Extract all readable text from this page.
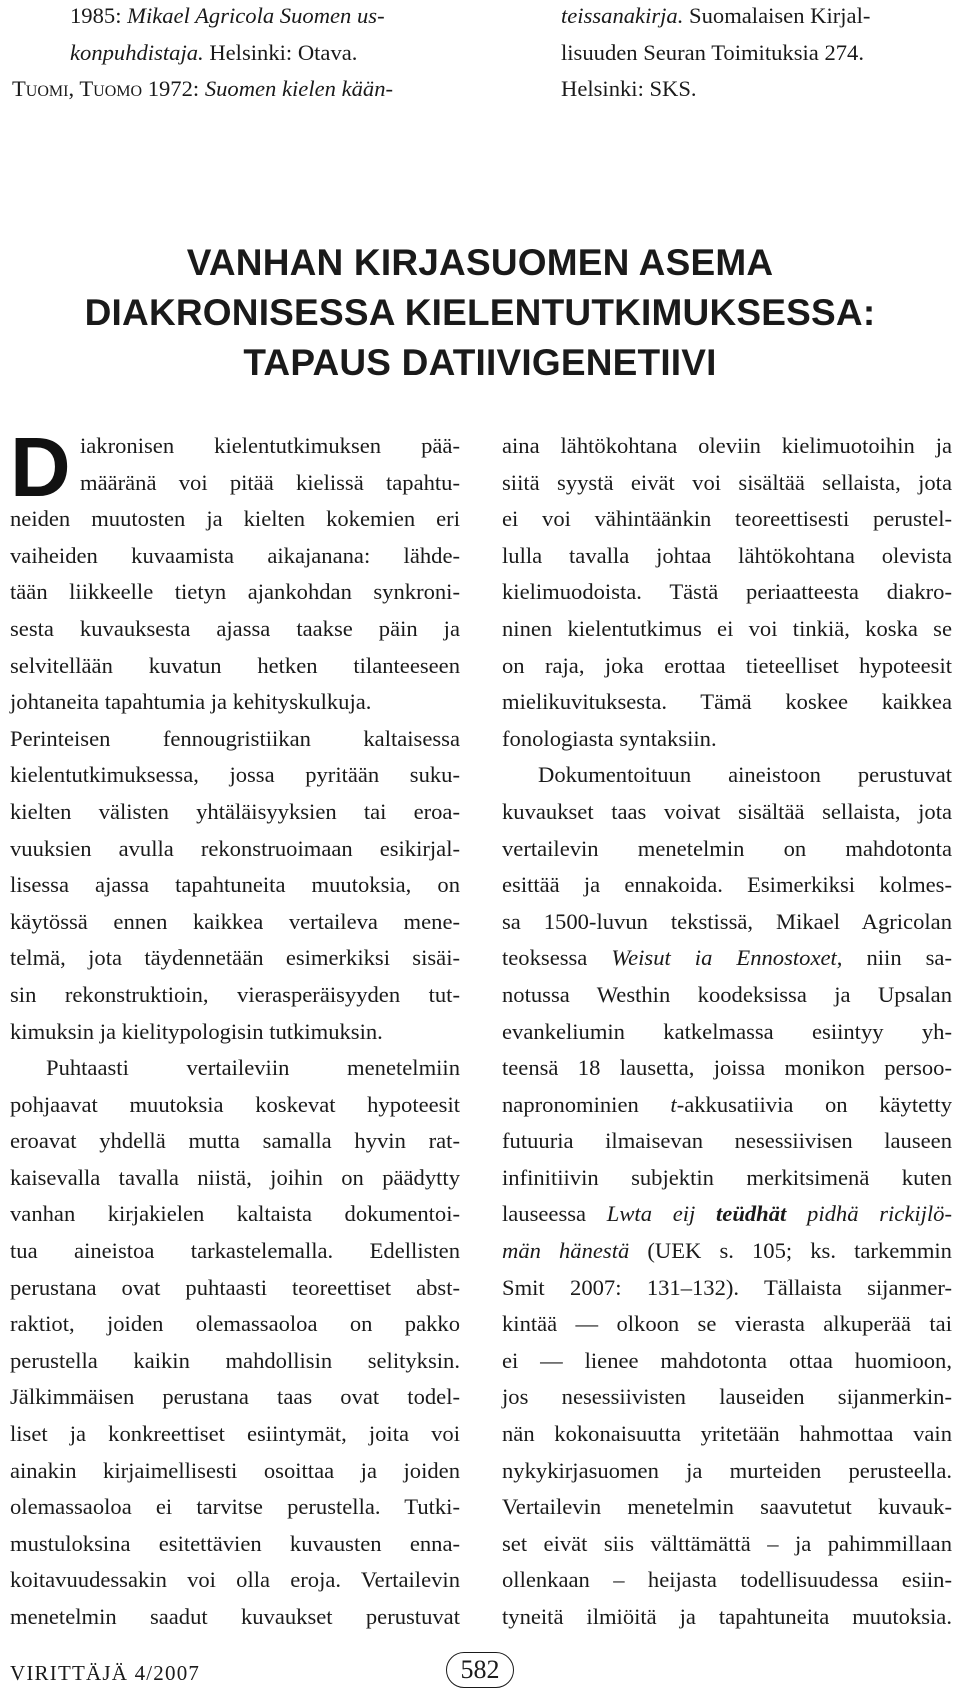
1985: Mikael Agricola Suomen us-
konpuhdistaja. Helsinki: Otava.
Tuomi, Tuomo 1972: Suomen kielen kään-
teissanakirja. Suomalaisen Kirjal-
lisuuden Seuran Toimituksia 274.
Helsinki: SKS.
VANHAN KIRJASUOMEN ASEMA
DIAKRONISESSA KIELENTUTKIMUKSESSA:
TAPAUS DATIIVIGENETIIVI
D iakronisen kielentutkimuksen pää-
määränä voi pitää kielissä tapahtu-
neiden muutosten ja kielten kokemien eri
vaiheiden kuvaamista aikajanana: lähde-
tään liikkeelle tietyn ajankohdan synkroni-
sesta kuvauksesta ajassa taakse päin ja
selvitellään kuvatun hetken tilanteeseen
johtaneita tapahtumia ja kehityskulkuja.
Perinteisen fennougristiikan kaltaisessa
kielentutkimuksessa, jossa pyritään suku-
kielten välisten yhtäläisyyksien tai eroa-
vuuksien avulla rekonstruoimaan esikirjal-
lisessa ajassa tapahtuneita muutoksia, on
käytössä ennen kaikkea vertaileva mene-
telmä, jota täydennetään esimerkiksi sisäi-
sin rekonstruktioin, vierasperäisyyden tut-
kimuksin ja kielitypologisin tutkimuksin.
Puhtaasti vertaileviin menetelmiin
pohjaavat muutoksia koskevat hypoteesit
eroavat yhdellä mutta samalla hyvin rat-
kaisevalla tavalla niistä, joihin on päädytty
vanhan kirjakielen kaltaista dokumentoi-
tua aineistoa tarkastelemalla. Edellisten
perustana ovat puhtaasti teoreettiset abst-
raktiot, joiden olemassaoloa on pakko
perustella kaikin mahdollisin selityksin.
Jälkimmäisen perustana taas ovat todel-
liset ja konkreettiset esiintymät, joita voi
ainakin kirjaimellisesti osoittaa ja joiden
olemassaoloa ei tarvitse perustella. Tutki-
mustuloksina esitettävien kuvausten enna-
koitavuudessakin voi olla eroja. Vertailevin
menetelmin saadut kuvaukset perustuvat
aina lähtökohtana oleviin kielimuotoihin ja
siitä syystä eivät voi sisältää sellaista, jota
ei voi vähintäänkin teoreettisesti perustel-
lulla tavalla johtaa lähtökohtana olevista
kielimuodoista. Tästä periaatteesta diakro-
ninen kielentutkimus ei voi tinkiä, koska se
on raja, joka erottaa tieteelliset hypoteesit
mielikuvituksesta. Tämä koskee kaikkea
fonologiasta syntaksiin.
Dokumentoituun aineistoon perustuvat
kuvaukset taas voivat sisältää sellaista, jota
vertailevin menetelmin on mahdotonta
esittää ja ennakoida. Esimerkiksi kolmes-
sa 1500-luvun tekstissä, Mikael Agricolan
teoksessa Weisut ia Ennostoxet, niin sa-
notussa Westhin koodeksissa ja Upsalan
evankeliumin katkelmassa esiintyy yh-
teensä 18 lausetta, joissa monikon persoo-
napronominien t-akkusatiivia on käytetty
futuuria ilmaisevan nesessiivisen lauseen
infinitiivin subjektin merkitsimenä kuten
lauseessa Lwta eij teüdhät pidhä rickijlö-
män hänestä (UEK s. 105; ks. tarkemmin
Smit 2007: 131–132). Tällaista sijanmer-
kintää — olkoon se vierasta alkuperää tai
ei — lienee mahdotonta ottaa huomioon,
jos nesessiivisten lauseiden sijanmerkin-
nän kokonaisuutta yritetään hahmottaa vain
nykykirjasuomen ja murteiden perusteella.
Vertailevin menetelmin saavutetut kuvauk-
set eivät siis välttämättä – ja pahimmillaan
ollenkaan – heijasta todellisuudessa esiin-
tyneitä ilmiöitä ja tapahtuneita muutoksia.
VIRITTÄJÄ 4/2007	582
